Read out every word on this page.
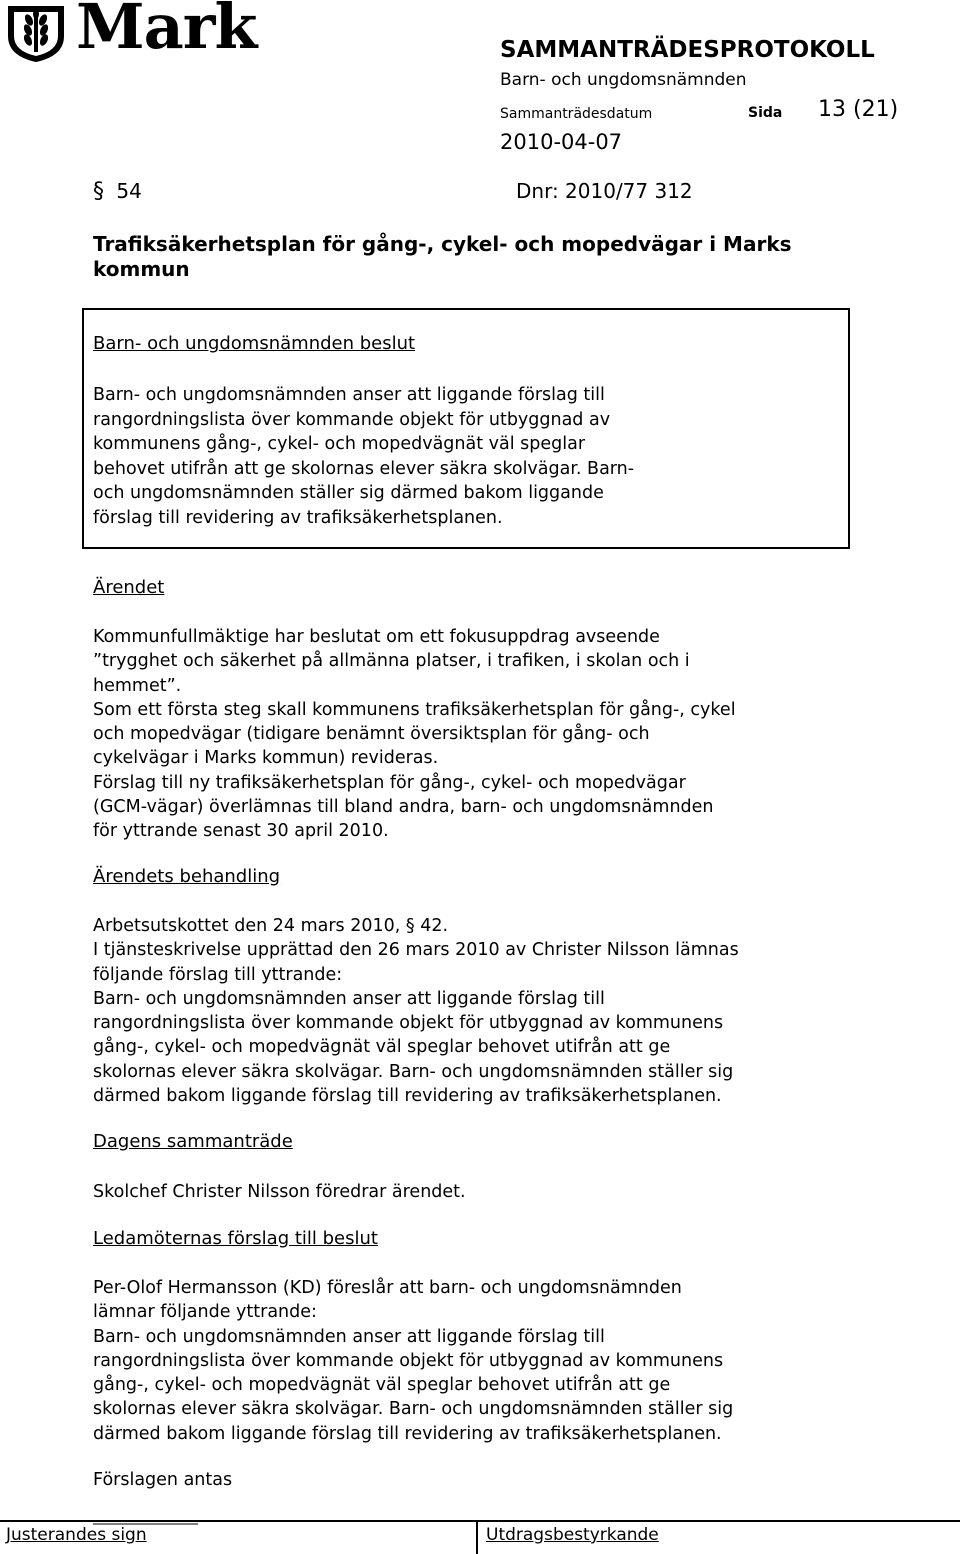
Mark	SAMMANTRÄDESPROTOKOLL
Barn- och ungdomsnämnden
Sammanträdesdatum	Sida 13 (21)
2010-04-07
§ 54	Dnr: 2010/77 312
Trafiksäkerhetsplan för gång-, cykel- och mopedvägar i Marks kommun
Barn- och ungdomsnämnden beslut
Barn- och ungdomsnämnden anser att liggande förslag till
rangordningslista över kommande objekt för utbyggnad av
kommunens gång-, cykel- och mopedvägnät väl speglar
behovet utifrån att ge skolornas elever säkra skolvägar. Barn-
och ungdomsnämnden ställer sig därmed bakom liggande
förslag till revidering av trafiksäkerhetsplanen.
Ärendet
Kommunfullmäktige har beslutat om ett fokusuppdrag avseende
”trygghet och säkerhet på allmänna platser, i trafiken, i skolan och i
hemmet”.
Som ett första steg skall kommunens trafiksäkerhetsplan för gång-, cykel
och mopedvägar (tidigare benämnt översiktsplan för gång- och
cykelvägar i Marks kommun) revideras.
Förslag till ny trafiksäkerhetsplan för gång-, cykel- och mopedvägar
(GCM-vägar) överlämnas till bland andra, barn- och ungdomsnämnden
för yttrande senast 30 april 2010.
Ärendets behandling
Arbetsutskottet den 24 mars 2010, § 42.
I tjänsteskrivelse upprättad den 26 mars 2010 av Christer Nilsson lämnas
följande förslag till yttrande:
Barn- och ungdomsnämnden anser att liggande förslag till
rangordningslista över kommande objekt för utbyggnad av kommunens
gång-, cykel- och mopedvägnät väl speglar behovet utifrån att ge
skolornas elever säkra skolvägar. Barn- och ungdomsnämnden ställer sig
därmed bakom liggande förslag till revidering av trafiksäkerhetsplanen.
Dagens sammanträde
Skolchef Christer Nilsson föredrar ärendet.
Ledamöternas förslag till beslut
Per-Olof Hermansson (KD) föreslår att barn- och ungdomsnämnden
lämnar följande yttrande:
Barn- och ungdomsnämnden anser att liggande förslag till
rangordningslista över kommande objekt för utbyggnad av kommunens
gång-, cykel- och mopedvägnät väl speglar behovet utifrån att ge
skolornas elever säkra skolvägar. Barn- och ungdomsnämnden ställer sig
därmed bakom liggande förslag till revidering av trafiksäkerhetsplanen.
Förslagen antas
_______________
Justerandes sign	Utdragsbestyrkande
